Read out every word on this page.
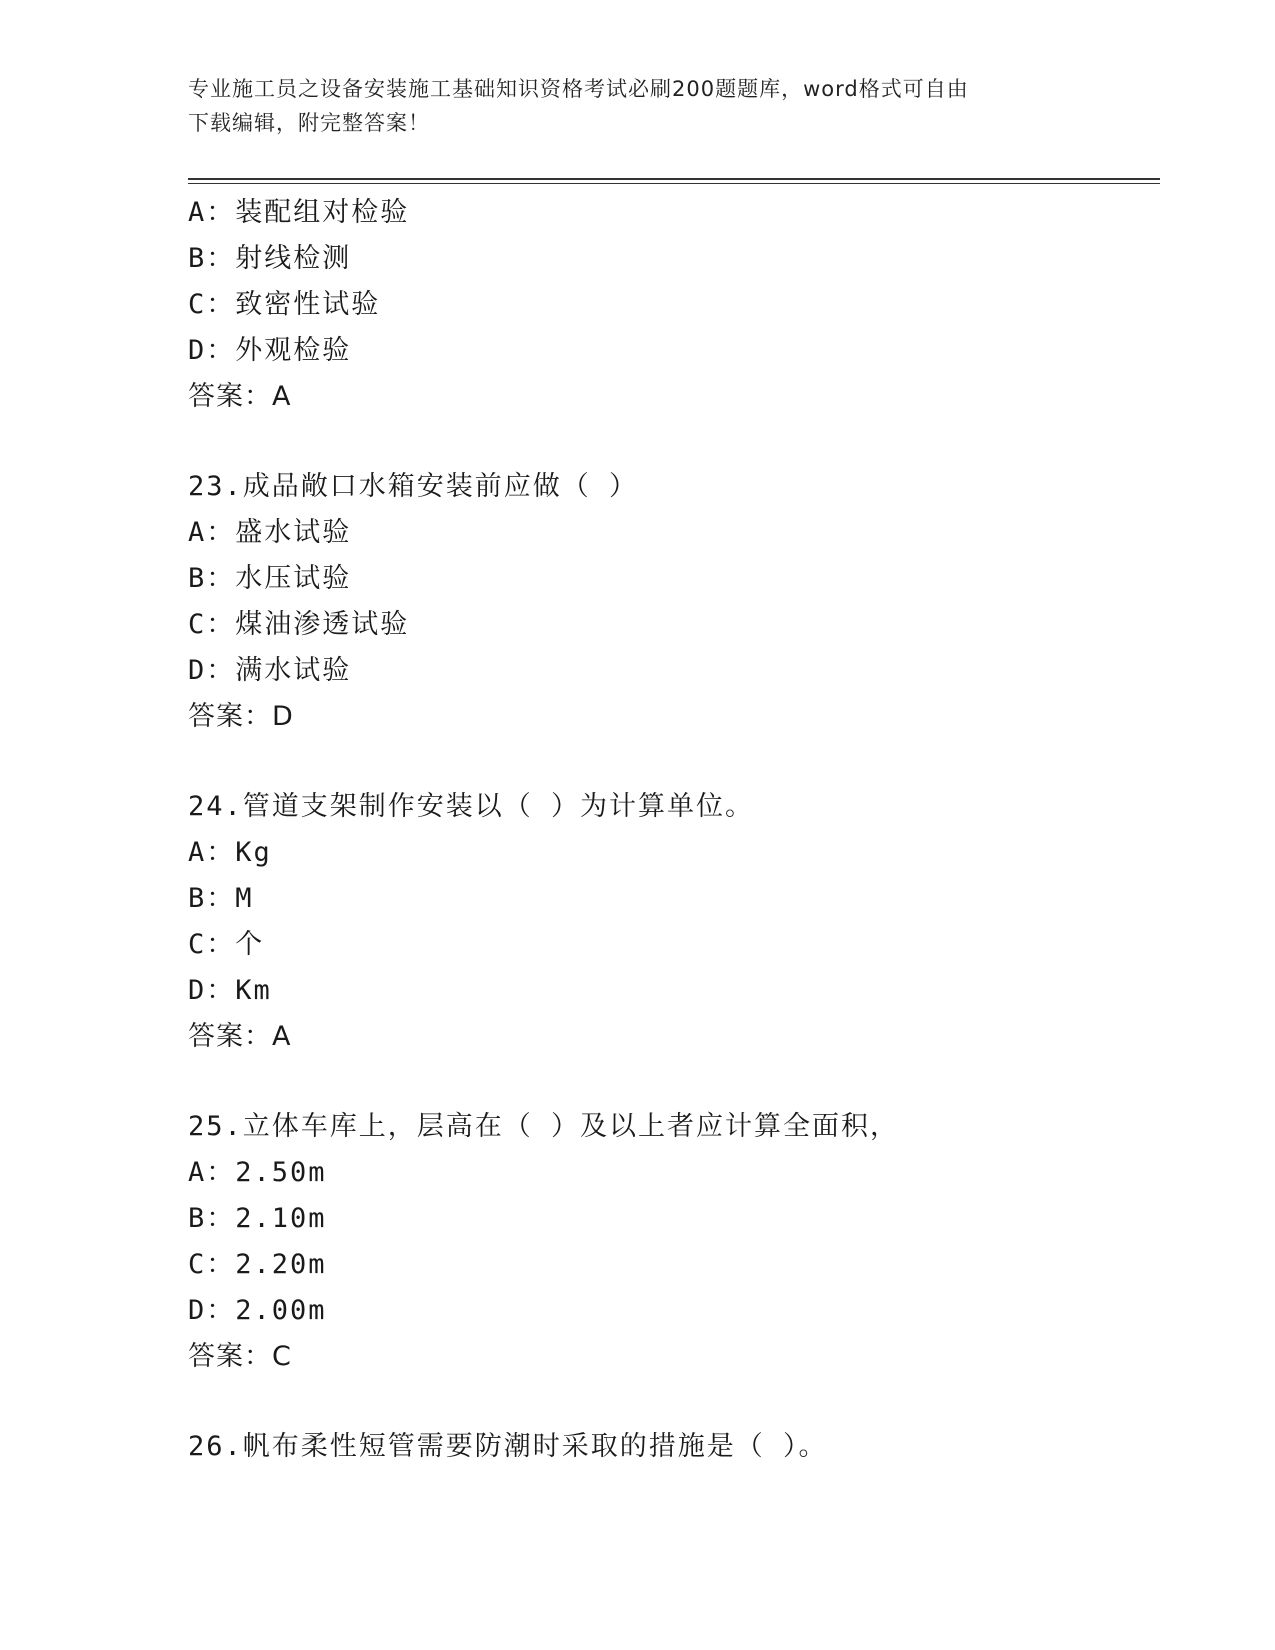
专业施工员之设备安装施工基础知识资格考试必刷200题题库，word格式可自由
下载编辑，附完整答案！
A：装配组对检验
B：射线检测
C：致密性试验
D：外观检验
答案：A
23.成品敞口水箱安装前应做（ ）
A：盛水试验
B：水压试验
C：煤油渗透试验
D：满水试验
答案：D
24.管道支架制作安装以（ ）为计算单位。
A：Kg
B：M
C：个
D：Km
答案：A
25.立体车库上，层高在（ ）及以上者应计算全面积，
A：2.50m
B：2.10m
C：2.20m
D：2.00m
答案：C
26.帆布柔性短管需要防潮时采取的措施是（ ）。
